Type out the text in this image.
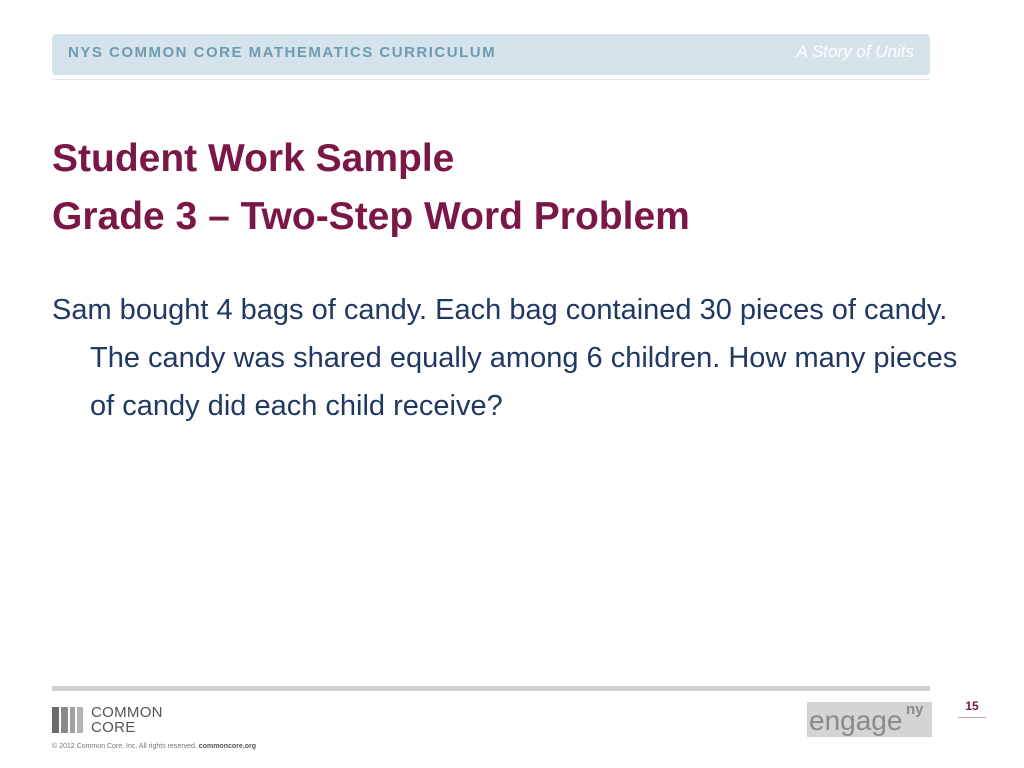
NYS COMMON CORE MATHEMATICS CURRICULUM	A Story of Units
Student Work Sample
Grade 3 – Two-Step Word Problem
Sam bought 4 bags of candy. Each bag contained 30 pieces of candy. The candy was shared equally among 6 children. How many pieces of candy did each child receive?
COMMON
CORE
© 2012 Common Core, Inc. All rights reserved. commoncore.org
engage ny	15
